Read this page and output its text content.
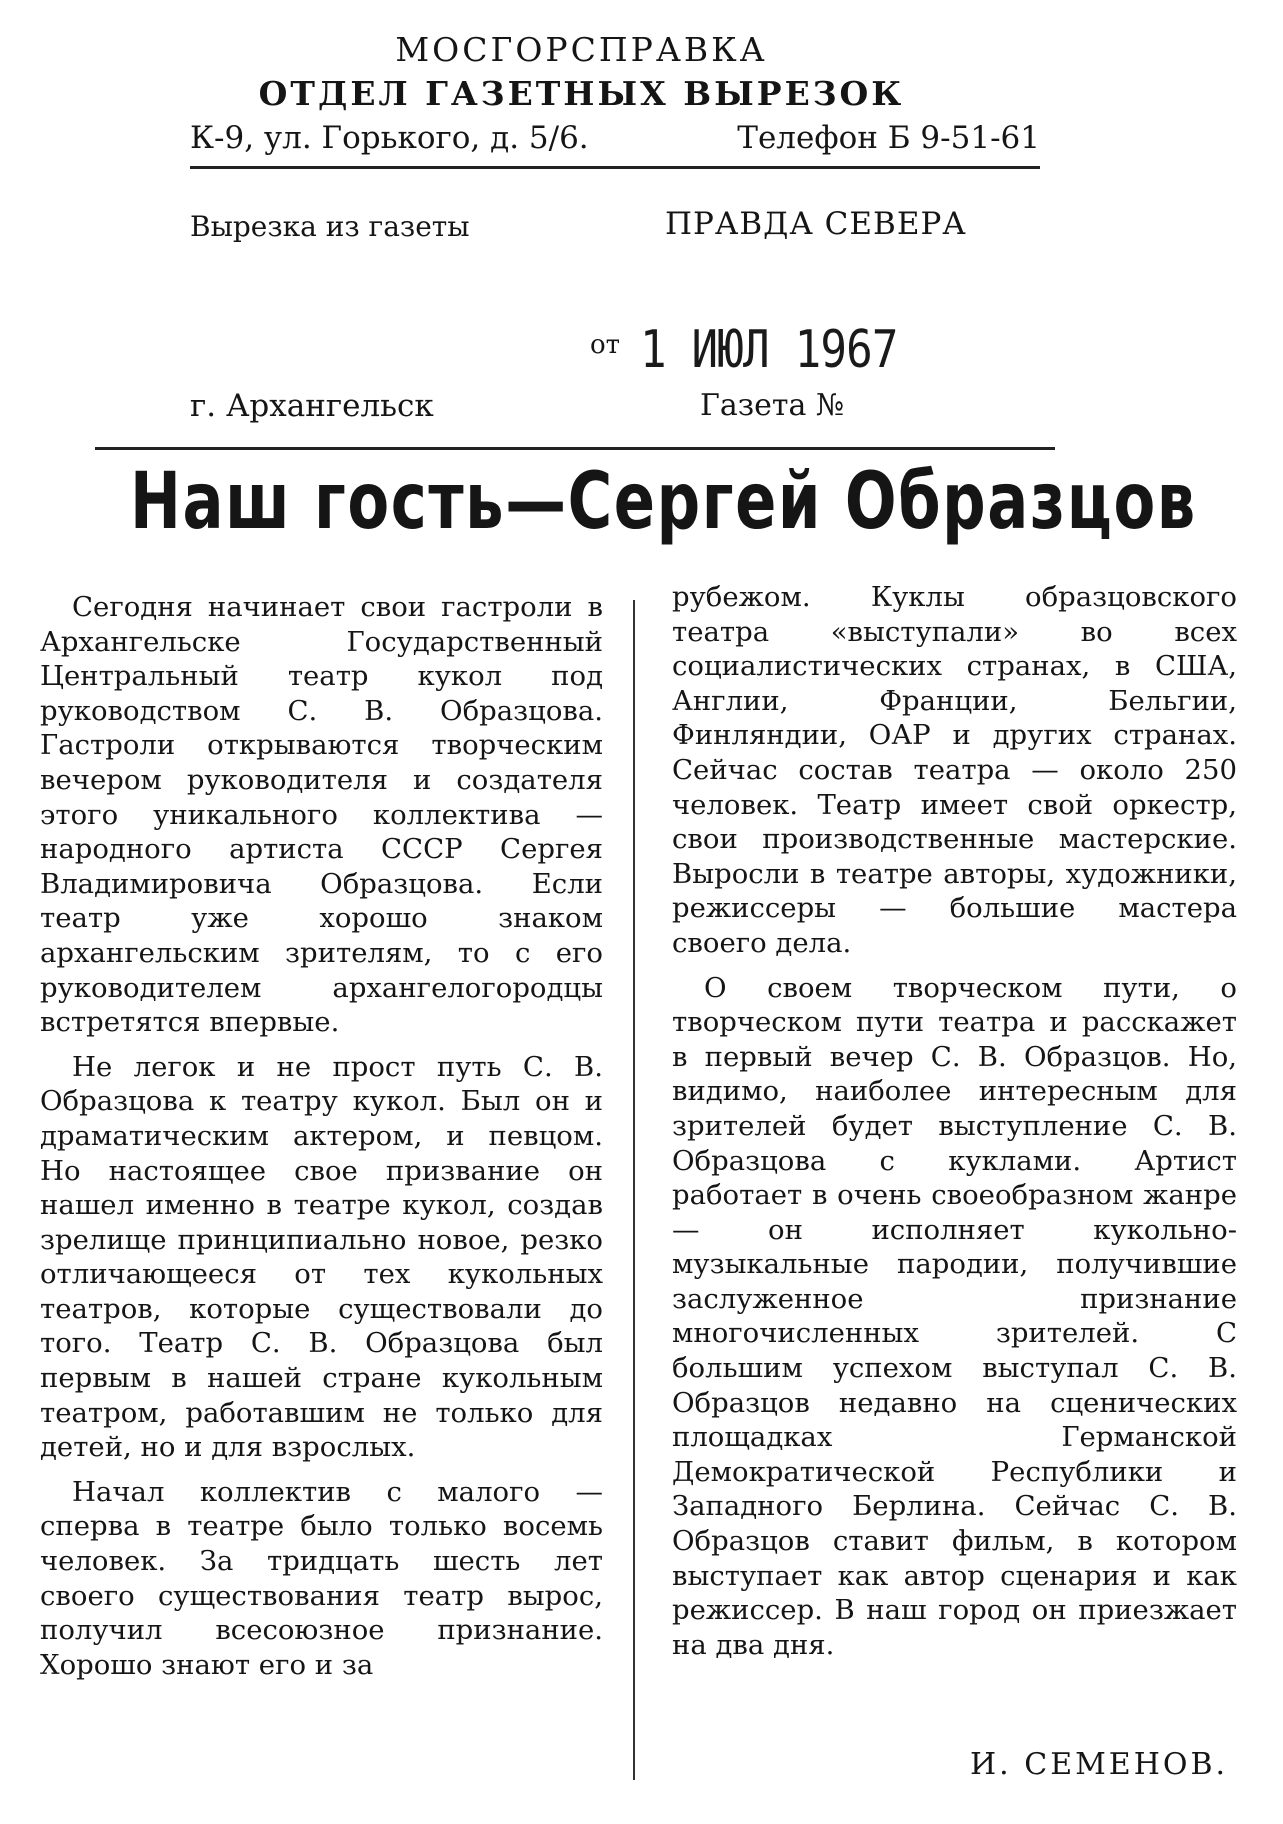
МОСГОРСПРАВКА
ОТДЕЛ ГАЗЕТНЫХ ВЫРЕЗОК
К-9, ул. Горького, д. 5/6.	Телефон Б 9-51-61
Вырезка из газеты	ПРАВДА СЕВЕРА
от 1 ИЮЛ 1967
г. Архангельск	Газета №
Наш гость—Сергей Образцов

Сегодня начинает свои гастроли в Архангельске Государственный Центральный театр кукол под руководством С. В. Образцова. Гастроли открываются творческим вечером руководителя и создателя этого уникального коллектива — народного артиста СССР Сергея Владимировича Образцова. Если театр уже хорошо знаком архангельским зрителям, то с его руководителем архангелогородцы встретятся впервые.

Не легок и не прост путь С. В. Образцова к театру кукол. Был он и драматическим актером, и певцом. Но настоящее свое призвание он нашел именно в театре кукол, создав зрелище принципиально новое, резко отличающееся от тех кукольных театров, которые существовали до того. Театр С. В. Образцова был первым в нашей стране кукольным театром, работавшим не только для детей, но и для взрослых.

Начал коллектив с малого — сперва в театре было только восемь человек. За тридцать шесть лет своего существования театр вырос, получил всесоюзное признание. Хорошо знают его и за

рубежом. Куклы образцовского театра «выступали» во всех социалистических странах, в США, Англии, Франции, Бельгии, Финляндии, ОАР и других странах. Сейчас состав театра — около 250 человек. Театр имеет свой оркестр, свои производственные мастерские. Выросли в театре авторы, художники, режиссеры — большие мастера своего дела.

О своем творческом пути, о творческом пути театра и расскажет в первый вечер С. В. Образцов. Но, видимо, наиболее интересным для зрителей будет выступление С. В. Образцова с куклами. Артист работает в очень своеобразном жанре — он исполняет кукольно-музыкальные пародии, получившие заслуженное признание многочисленных зрителей. С большим успехом выступал С. В. Образцов недавно на сценических площадках Германской Демократической Республики и Западного Берлина. Сейчас С. В. Образцов ставит фильм, в котором выступает как автор сценария и как режиссер. В наш город он приезжает на два дня.

И. СЕМЕНОВ.
